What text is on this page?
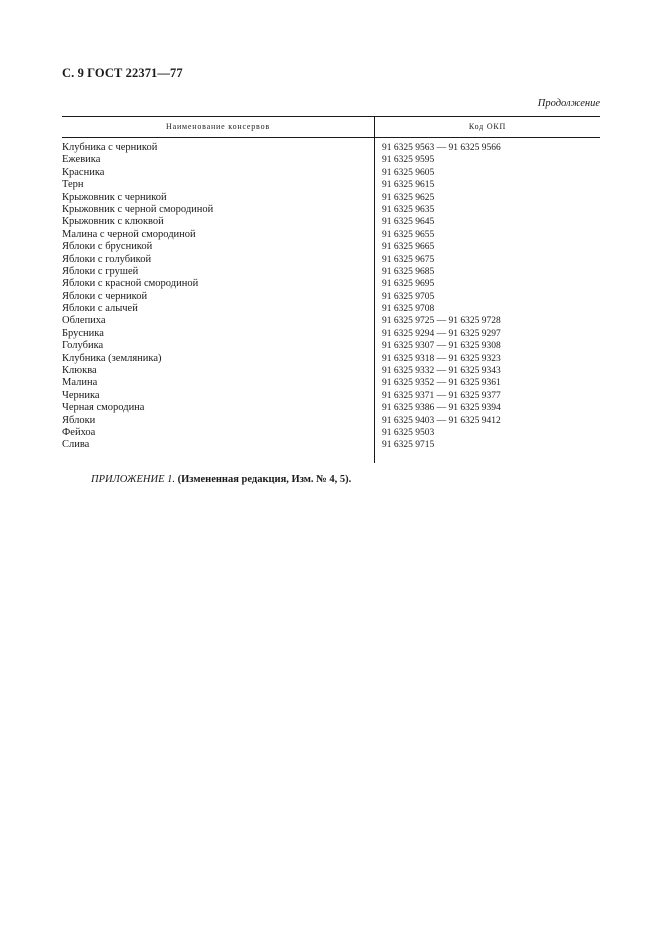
С. 9 ГОСТ 22371—77
Продолжение
Наименование консервов	Код ОКП
Клубника с черникой	91 6325 9563 — 91 6325 9566
Ежевика	91 6325 9595
Красника	91 6325 9605
Терн	91 6325 9615
Крыжовник с черникой	91 6325 9625
Крыжовник с черной смородиной	91 6325 9635
Крыжовник с клюквой	91 6325 9645
Малина с черной смородиной	91 6325 9655
Яблоки с брусникой	91 6325 9665
Яблоки с голубикой	91 6325 9675
Яблоки с грушей	91 6325 9685
Яблоки с красной смородиной	91 6325 9695
Яблоки с черникой	91 6325 9705
Яблоки с алычей	91 6325 9708
Облепиха	91 6325 9725 — 91 6325 9728
Брусника	91 6325 9294 — 91 6325 9297
Голубика	91 6325 9307 — 91 6325 9308
Клубника (земляника)	91 6325 9318 — 91 6325 9323
Клюква	91 6325 9332 — 91 6325 9343
Малина	91 6325 9352 — 91 6325 9361
Черника	91 6325 9371 — 91 6325 9377
Черная смородина	91 6325 9386 — 91 6325 9394
Яблоки	91 6325 9403 — 91 6325 9412
Фейхоа	91 6325 9503
Слива	91 6325 9715
ПРИЛОЖЕНИЕ 1. (Измененная редакция, Изм. № 4, 5).
